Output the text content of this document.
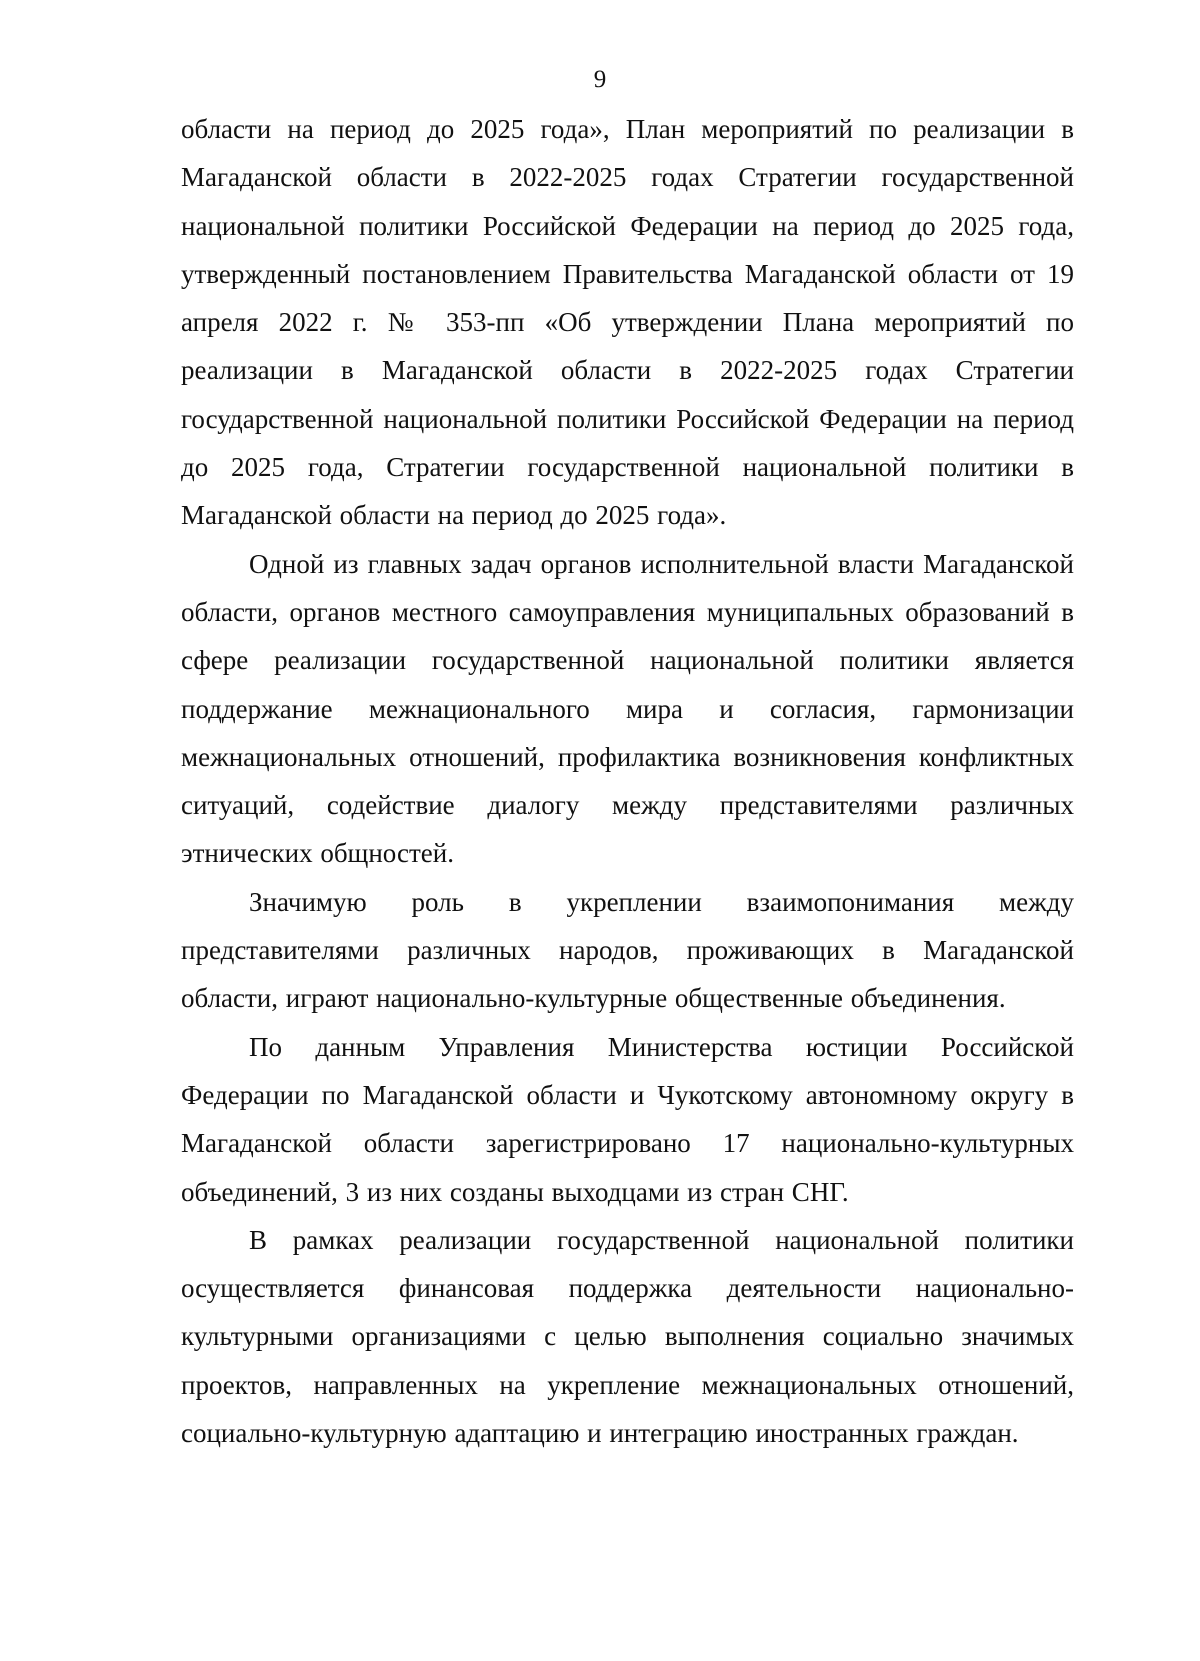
9

области на период до 2025 года», План мероприятий по реализации в Магаданской области в 2022-2025 годах Стратегии государственной национальной политики Российской Федерации на период до 2025 года, утвержденный постановлением Правительства Магаданской области от 19 апреля 2022 г. № 353-пп «Об утверждении Плана мероприятий по реализации в Магаданской области в 2022-2025 годах Стратегии государственной национальной политики Российской Федерации на период до 2025 года, Стратегии государственной национальной политики в Магаданской области на период до 2025 года».

Одной из главных задач органов исполнительной власти Магаданской области, органов местного самоуправления муниципальных образований в сфере реализации государственной национальной политики является поддержание межнационального мира и согласия, гармонизации межнациональных отношений, профилактика возникновения конфликтных ситуаций, содействие диалогу между представителями различных этнических общностей.

Значимую роль в укреплении взаимопонимания между представителями различных народов, проживающих в Магаданской области, играют национально-культурные общественные объединения.

По данным Управления Министерства юстиции Российской Федерации по Магаданской области и Чукотскому автономному округу в Магаданской области зарегистрировано 17 национально-культурных объединений, 3 из них созданы выходцами из стран СНГ.

В рамках реализации государственной национальной политики осуществляется финансовая поддержка деятельности национально-культурными организациями с целью выполнения социально значимых проектов, направленных на укрепление межнациональных отношений, социально-культурную адаптацию и интеграцию иностранных граждан.
